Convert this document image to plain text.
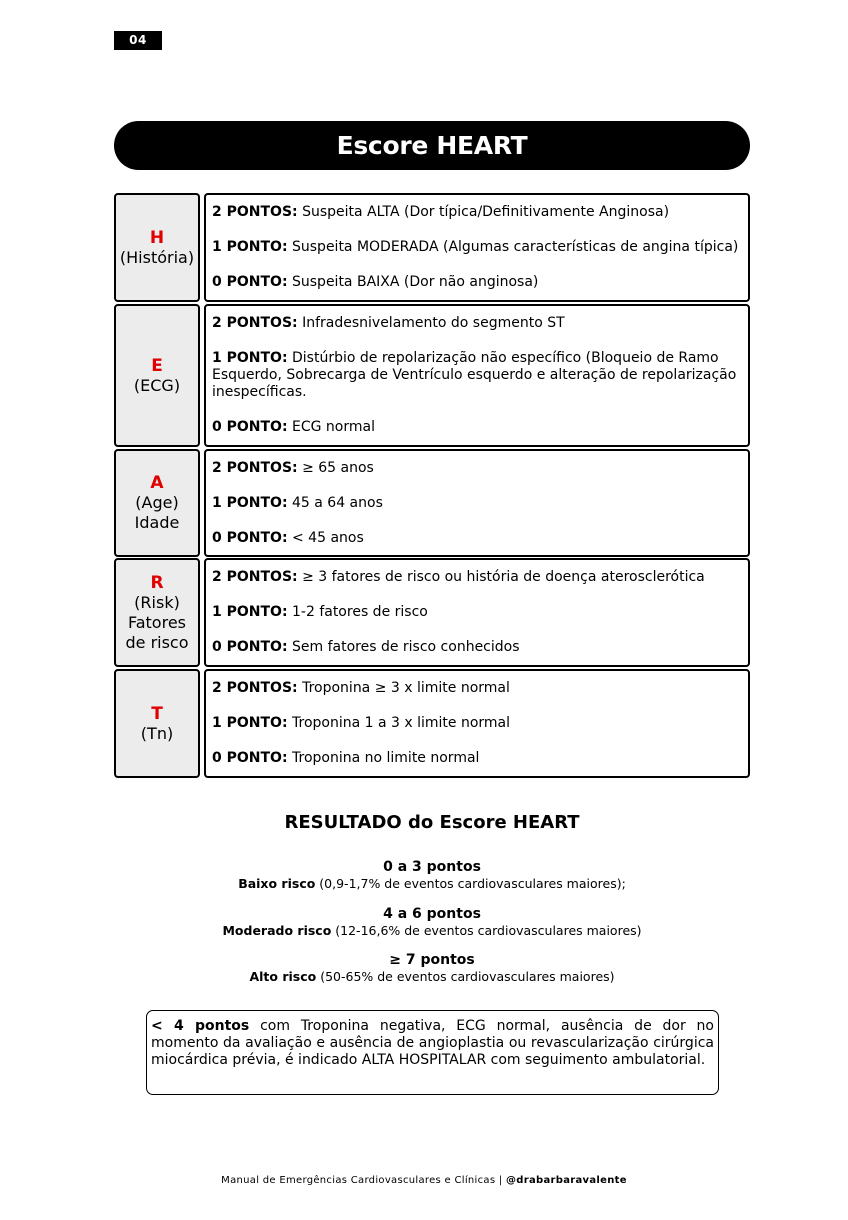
04
Escore HEART
H
(História)
2 PONTOS: Suspeita ALTA (Dor típica/Definitivamente Anginosa)
1 PONTO: Suspeita MODERADA (Algumas características de angina típica)
0 PONTO: Suspeita BAIXA (Dor não anginosa)
E
(ECG)
2 PONTOS: Infradesnivelamento do segmento ST
1 PONTO: Distúrbio de repolarização não específico (Bloqueio de Ramo Esquerdo, Sobrecarga de Ventrículo esquerdo e alteração de repolarização inespecíficas.
0 PONTO: ECG normal
A
(Age)
Idade
2 PONTOS: ≥ 65 anos
1 PONTO: 45 a 64 anos
0 PONTO: < 45 anos
R
(Risk)
Fatores de risco
2 PONTOS: ≥ 3 fatores de risco ou história de doença aterosclerótica
1 PONTO: 1-2 fatores de risco
0 PONTO: Sem fatores de risco conhecidos
T
(Tn)
2 PONTOS: Troponina ≥ 3 x limite normal
1 PONTO: Troponina 1 a 3 x limite normal
0 PONTO: Troponina no limite normal
RESULTADO do Escore HEART
0 a 3 pontos
Baixo risco (0,9-1,7% de eventos cardiovasculares maiores);
4 a 6 pontos
Moderado risco (12-16,6% de eventos cardiovasculares maiores)
≥ 7 pontos
Alto risco (50-65% de eventos cardiovasculares maiores)
< 4 pontos com Troponina negativa, ECG normal, ausência de dor no momento da avaliação e ausência de angioplastia ou revascularização cirúrgica miocárdica prévia, é indicado ALTA HOSPITALAR com seguimento ambulatorial.
Manual de Emergências Cardiovasculares e Clínicas | @drabarbaravalente
